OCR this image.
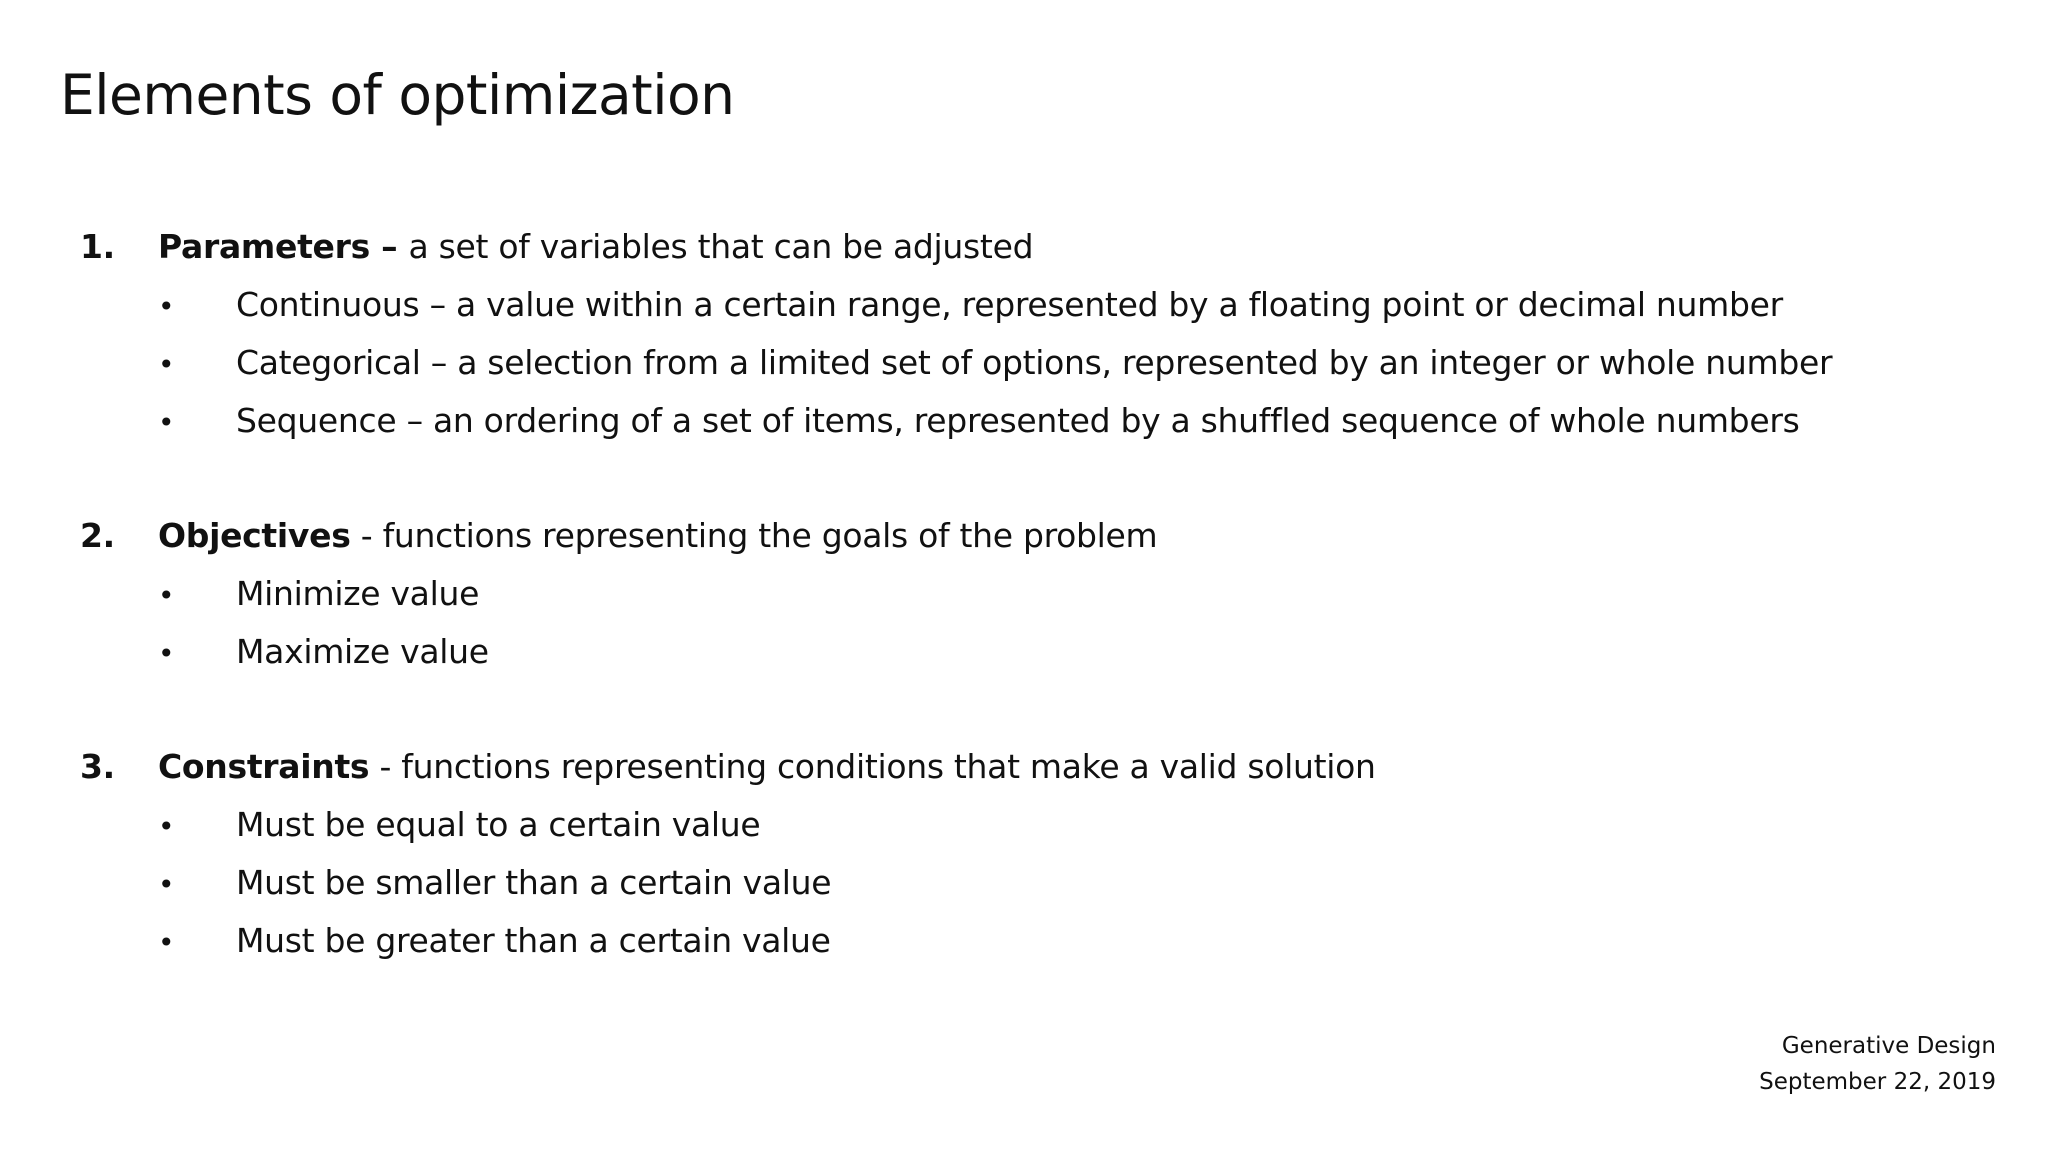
Elements of optimization
1.	Parameters – a set of variables that can be adjusted
•	Continuous – a value within a certain range, represented by a floating point or decimal number
•	Categorical – a selection from a limited set of options, represented by an integer or whole number
•	Sequence – an ordering of a set of items, represented by a shuffled sequence of whole numbers
2.	Objectives - functions representing the goals of the problem
•	Minimize value
•	Maximize value
3.	Constraints - functions representing conditions that make a valid solution
•	Must be equal to a certain value
•	Must be smaller than a certain value
•	Must be greater than a certain value
Generative Design
September 22, 2019
